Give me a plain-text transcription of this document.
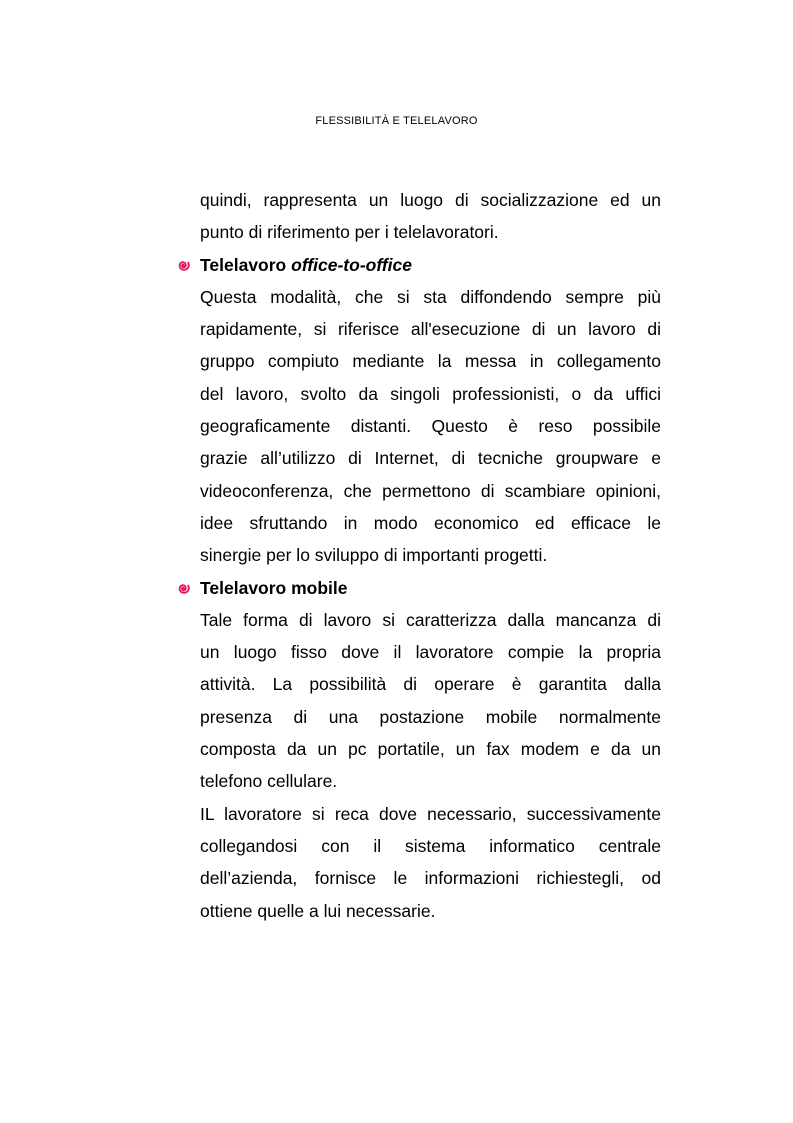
FLESSIBILITÀ E TELELAVORO
quindi, rappresenta un luogo di socializzazione ed un
punto di riferimento per i telelavoratori.
Telelavoro office-to-office
Questa modalità, che si sta diffondendo sempre più
rapidamente, si riferisce all'esecuzione di un lavoro di
gruppo compiuto mediante la messa in collegamento
del lavoro, svolto da singoli professionisti, o da uffici
geograficamente distanti. Questo è reso possibile
grazie all’utilizzo di Internet, di tecniche groupware e
videoconferenza, che permettono di scambiare opinioni,
idee sfruttando in modo economico ed efficace le
sinergie per lo sviluppo di importanti progetti.
Telelavoro mobile
Tale forma di lavoro si caratterizza dalla mancanza di
un luogo fisso dove il lavoratore compie la propria
attività. La possibilità di operare è garantita dalla
presenza di una postazione mobile normalmente
composta da un pc portatile, un fax modem e da un
telefono cellulare.
IL lavoratore si reca dove necessario, successivamente
collegandosi con il sistema informatico centrale
dell’azienda, fornisce le informazioni richiestegli, od
ottiene quelle a lui necessarie.
